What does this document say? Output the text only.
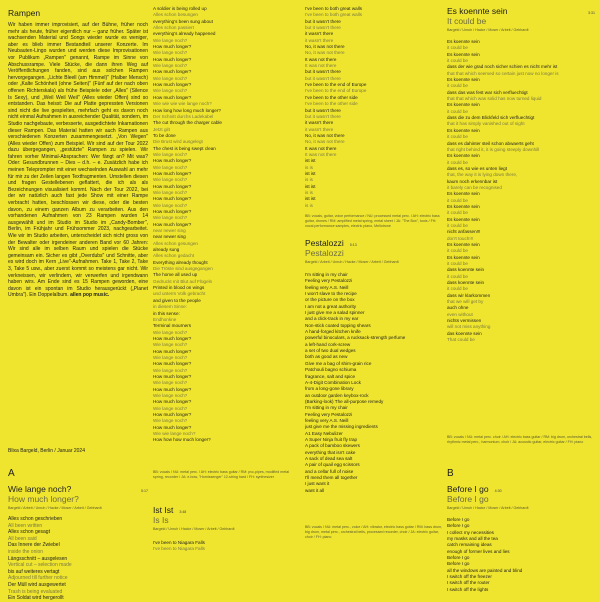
Rampen
Wir haben immer improvisiert, auf der Bühne, früher noch mehr als heute, früher eigentlich nur – ganz früher. Später ist wachsenden Material und Songs wieder wurde es weniger, aber es blieb immer Bestandteil unserer Konzerte. Im Neubauten-Lingo wurden und werden diese Improvisationen vor Publikum „Rampen" genannt, Rampe im Sinne von Abschussrampe. Viele Stücke, die dann ihren Weg auf Veröffentlichungen fanden, sind aus solchen Rampen hervorgegangen. „Lichte Bleell (am Himmel)" (Halber Mensch) oder „Kalte Schönheit (ohne Seiten)" (Fünf auf der nach oben offenen Richterskala) als frühe Beispiele oder „Alles" (Silence Is Sexy), und „Weil Weil Weil" (Alles wieder Offen) sind so entstanden. Das heisst: Die auf Platte gepressten Versionen sind nicht die live gespielten, mehrfach geht es davon noch nicht einmal Aufnahmen in ausreichender Qualität, sondern, im Studio nachgebaute, verbesserte, ausgedichtete Inkarnationen dieser Rampen. Das Material hatten wir auch Rampen aus verschiedenen Konzerten zusammengesetzt. „Von Wegen" (Alles wieder Offen) zum Beispiel. Wir sind auf der Tour 2022 dazu übergegangen, „gestützte" Rampen zu spielen. Wir fahren vorher Minimal-Absprachen: Wer fängt an? Mit was? Oder: Gesundbrunnen – Dies – d.h. – e. Zusätzlich habe ich meinen Teleprompter mit einer wechselnden Auswahl an mehr für mir zu der Zeilen langen Textfragmenten. Umstellen diesen und fragen Gestellebenen geflattert, die ich als als Bezeichnungen visualisiert kommt. Nach der Tour 2022, bei der wir natürlich auch fast jede Show mit einer Rampe verbracht hatten, beschlossen wir diese, oder die besten davon, zu einem ganzen Album zu verarbeiten. Aus den vorhandenen Aufnahmen von 23 Rampen wurden 14 ausgewählt und im Studio im Studio im „Candy-Bomber", Berlin, im Frühjahr und Frühsommer 2023, nachgearbeitet. Wie wir im Studio arbeiten, unterscheidet sich nicht gross von der Bewalter oder irgendeiner anderen Band vor 60 Jahren: Wir sind alle im selben Raum und spielen die Stücke gemeinsam ein. Sicher es gibt „Overdubs" und Schnitte, aber es wird doch im Kern „Live"-Aufnahmen. Take 1, Take 2, Take 3, Take 5 usw., aber zuerst kommt so meistens gar nicht. Wir verkneissen, wir verlindern, wir verwerfen und irgendwann haben wirs. Am Ende sind es 15 Rampen geworden, eine davon ist ein spontan im Studio herausgerückt („Planet Umbra"). Ein Doppelalbum. allen pop music.
Blixa Bargeld, Berlin / Januar 2024
A
Wie lange noch?	5:17
How much longer?
Bargeld / Arbeit / Unruh / Hacke / Moser / Arbeit / Gebhardt
Alles schon geschrieben
All been written
Alles schon gesagt
All been said
Das Innere der Zwiebel
inside the onion
Längsschnitt – ausgelesen
Vertical cut – selection made
bis auf weiteres vertagt
Adjourned till further notice
Der Müll wird ausgewertet
Trash is being evaluated
Ein Soldat wird hergerollt
A soldier is being rolled up
Alles schon besungen
everything's been sung about
Alles schon passiert
everything's already happened
Wie lange noch?
How much longer?
Wie lange noch?
How much longer?
Wie lange noch?
How much longer?
Wie lange noch?
How much longer?
Wie lange noch?
How much longer?
Wie wie wie wie lange noch?
How long how long much longer?
Der Schnitt durchs Ladekabel
The cut through the charger cable
Jetzt gilt
To be done
Die Brust wird ausgelegt
The chest is being swept clean
Wie lange noch?
How much longer?
Wie lange noch?
How much longer?
Wie lange noch?
How much longer?
Wie lange noch?
How much longer?
Wie lange noch?
How much longer?
Wie lange noch?
How much longer?
near newer sing
near newer sing
Alles schon gesungen
already sung
Alles schon gedacht
Everything already thought
Die Tröste sind ausgegangen
The home all used up
Gedruckt mit Blut auf Flügeln
Printed in blood on wings
und unterm Volk gebracht
and given to the people
in diesem Sinne:
in this sense:
Endhonkne
Terminal mourners
Wie lange noch?
How much longer?
Wie lange noch?
How much longer?
Wie lange noch?
How much longer?
Wie lange noch?
How much longer?
Wie lange noch?
How much longer?
Wie lange noch?
How much longer?
Wie lange noch?
How much longer?
Wie lange noch?
How much longer?
Wie wie lange noch?
How how how much longer?
BB: vocals / NU: metal perc. / AH: electric bass guitar / RM: pvc-pipes, modified metal spring, recorder / JA: e-bow, "Hornissenger" 12-string hard / FH: synthesizer
Ist Ist 3:48
Is Is
Bargeld / Unruh / Hacke / Moser / Arbeit / Gebhardt
I've been to Niagara Falls
I've been to Niagara Falls
I've been to both great walls
I've been to both great walls
but it wasn't there
but it wasn't there
it wasn't there
it wasn't there
No, it was not there
No, it was not there
It was not there
It was not there
but it wasn't there
but it wasn't there
I've been to the end of Europe
I've been to the end of Europe
I've been to the other side
I've been to the other side
but it wasn't there
but it wasn't there
it wasn't there
it wasn't there
No, it was not there
No, it was not there
It was not there
It was not there
ist ist
is is
ist ist
is is
ist ist
is is
ist ist
is is
BB: vocals, guitar, voice performance / NU: processed metal perc. / AH: electric bass guitar, drones / RM: amplified metal spring, metal sheet / JA: "The Box", tools / FH: vocal performance samples, electric piano, Mellotrone
Pestalozzi 5:13
Pestalozzi
Bargeld / Arbeit / Unruh / Hacke / Moser / Arbeit / Gebhardt
I'm sitting in my chair
Feeling very Pestalozzi
feeling very A.S. Neill
I won't slave to the recipe
or the picture on the box
I am not a great authority
I just give me a salad spinner
and a click-track in my ear
Non-stick coated topping shears
A hand-forged kitchen knife
powerful binoculars, a rucksack-strength perfume
a left-hand cork-screw
a set of two dual wedges
both as good as new
Give me a bag of shim-grain rice
Patchouli bagno schiuma
fragrance, salt and spice
A-4-Digit Combination Lock
from a long-gone library
an outdoor garden keybox-rock
(Barking-look) The all-purpose remedy
I'm sitting in my chair
Feeling very Pestalozzi
feeling very A.S. Neill
just give me the missing ingredients
A1 Easy Nebulizer
A Super Ninja fruit fly trap
A pack of bamboo skewers
everything that isn't cake
A sack of dead sea salt
A pair of quail egg scissors
and a cellar full of noise
I'll mend them all together
I just want it
want it all
BB: vocals / NU: metal perc., voice / AH: vibrator, electric bass guitar / RM: bass drum, big drum, metal perc., orchestral bells, processed recorder, choir / JA: electric guitar, choir / FH: piano
Es koennte sein	3:31
It could be
Bargeld / Unruh / Hacke / Moser / Arbeit / Gebhardt
Es koennte sein
it could be
Es koennte sein
it could be
dass der wie grad noch sicher schien es nicht mehr ist
that that which seemed so certain just now no longer is
Es koennte sein
it could be
dass das was fest war sich verfluechtigt
that that which was solid has now turned liquid
Es koennte sein
it could be
dass die zu dem Blickfeld sich verfluechtigt
that it has simply vanished out of sight
Es koennte sein
it could be
dass es dahinter steil schon abwaerts geht
that right behind it, it is going steeply downhill
Es koennte sein
it could be
dass es, so wie es unten liegt
that, the way it is lying down there,
kaum noch erkennbar ist
it barely can be recognised
Es koennte sein
it could be
Es koennte sein
it could be
Es koennte sein
it could be
nicht anfassen!!!
don't touch!!!
Es koennte sein
it could be
Es koennte sein
it could be
dass koennte sein
it could be
dass koennte sein
it could be
dass wir klarkommen
that we will get by
auch ohne
even without
nichts vermissen
will not miss anything
das koennte sein
That could be
BB: vocals / NU: metal perc. choir / AH: electric bass guitar / RM: big drum, orchestral bells, rhythmic metal perc., harmonium, choir / JA: acoustic guitar, electric guitar / FH: piano
B
Before I go 4:30
Before I go
Bargeld / Unruh / Hacke / Moser / Arbeit / Gebhardt
Before I go
Before I go
I collect my necessities
my masks and all the tea
catch remaining ideas
enough of former lives and lies
Before I go
Before I go
all the windows are painted and blind
I switch off the freezer
I switch off the router
I switch off the lights
